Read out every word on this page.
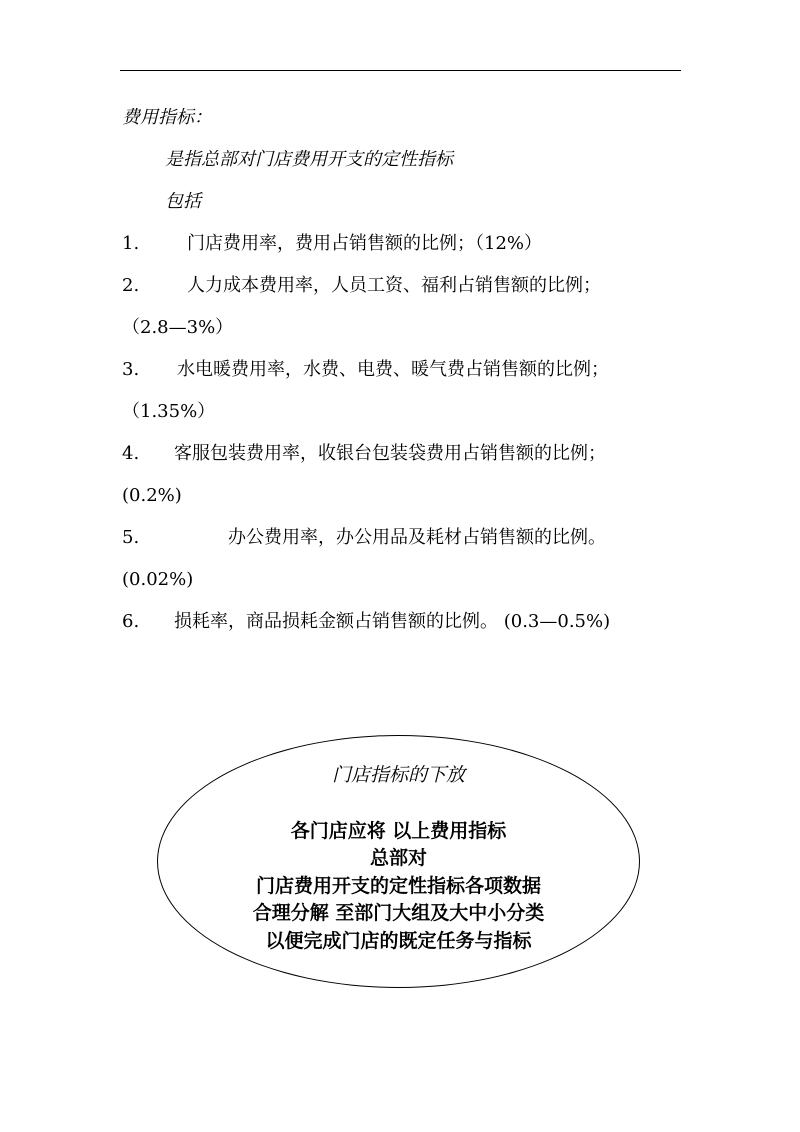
费用指标：
是指总部对门店费用开支的定性指标
包括
1.	门店费用率，费用占销售额的比例；（12%）
2.	人力成本费用率，人员工资、福利占销售额的比例；
（2.8—3%）
3. 水电暖费用率，水费、电费、暖气费占销售额的比例；
（1.35%）
4. 客服包装费用率，收银台包装袋费用占销售额的比例；
(0.2%)
5.	办公费用率，办公用品及耗材占销售额的比例。
(0.02%)
6. 损耗率，商品损耗金额占销售额的比例。 (0.3—0.5%)
门店指标的下放
各门店应将 以上费用指标
总部对
门店费用开支的定性指标各项数据
合理分解 至部门大组及大中小分类
以便完成门店的既定任务与指标
